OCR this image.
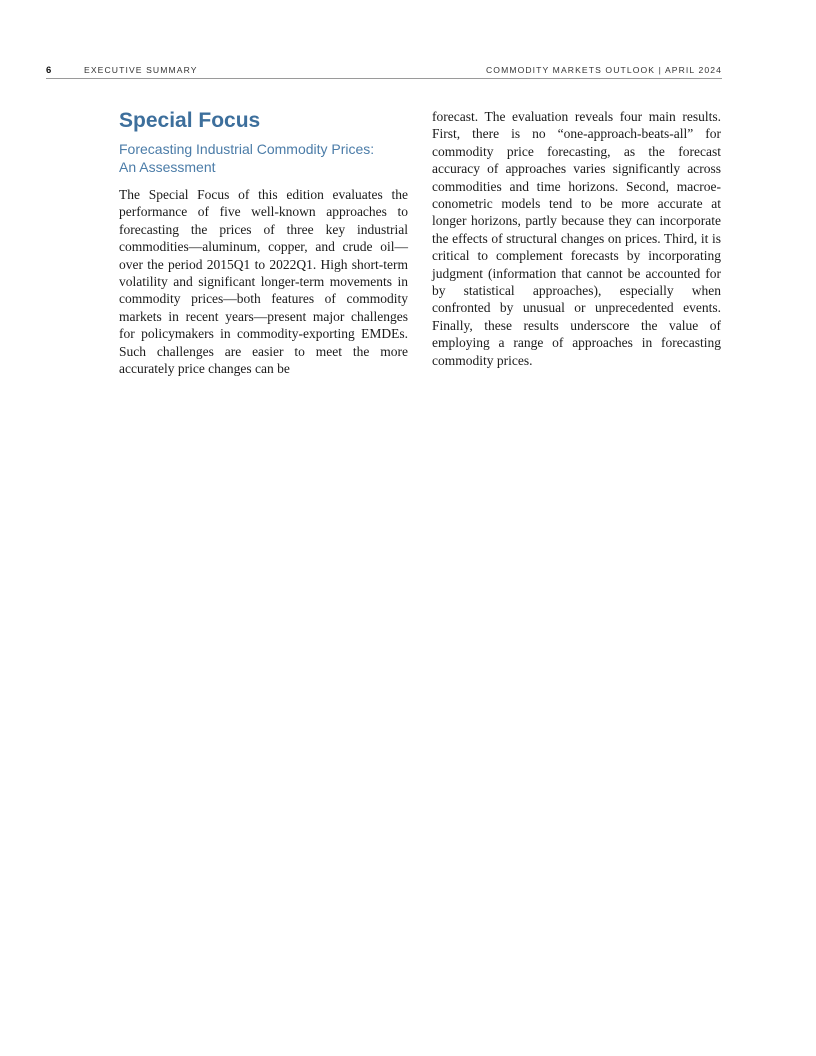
6	EXECUTIVE SUMMARY	COMMODITY MARKETS OUTLOOK | APRIL 2024
Special Focus
Forecasting Industrial Commodity Prices:
An Assessment

The Special Focus of this edition evaluates the performance of five well-known approaches to forecasting the prices of three key industrial commodities—aluminum, copper, and crude oil—over the period 2015Q1 to 2022Q1. High short-term volatility and significant longer-term movements in commodity prices—both features of commodity markets in recent years—present major challenges for policymakers in commodity-exporting EMDEs. Such challenges are easier to meet the more accurately price changes can be

forecast. The evaluation reveals four main results. First, there is no “one-approach-beats-all” for commodity price forecasting, as the forecast accuracy of approaches varies significantly across commodities and time horizons. Second, macroeconometric models tend to be more accurate at longer horizons, partly because they can incorporate the effects of structural changes on prices. Third, it is critical to complement forecasts by incorporating judgment (information that cannot be accounted for by statistical approaches), especially when confronted by unusual or unprecedented events. Finally, these results underscore the value of employing a range of approaches in forecasting commodity prices.
